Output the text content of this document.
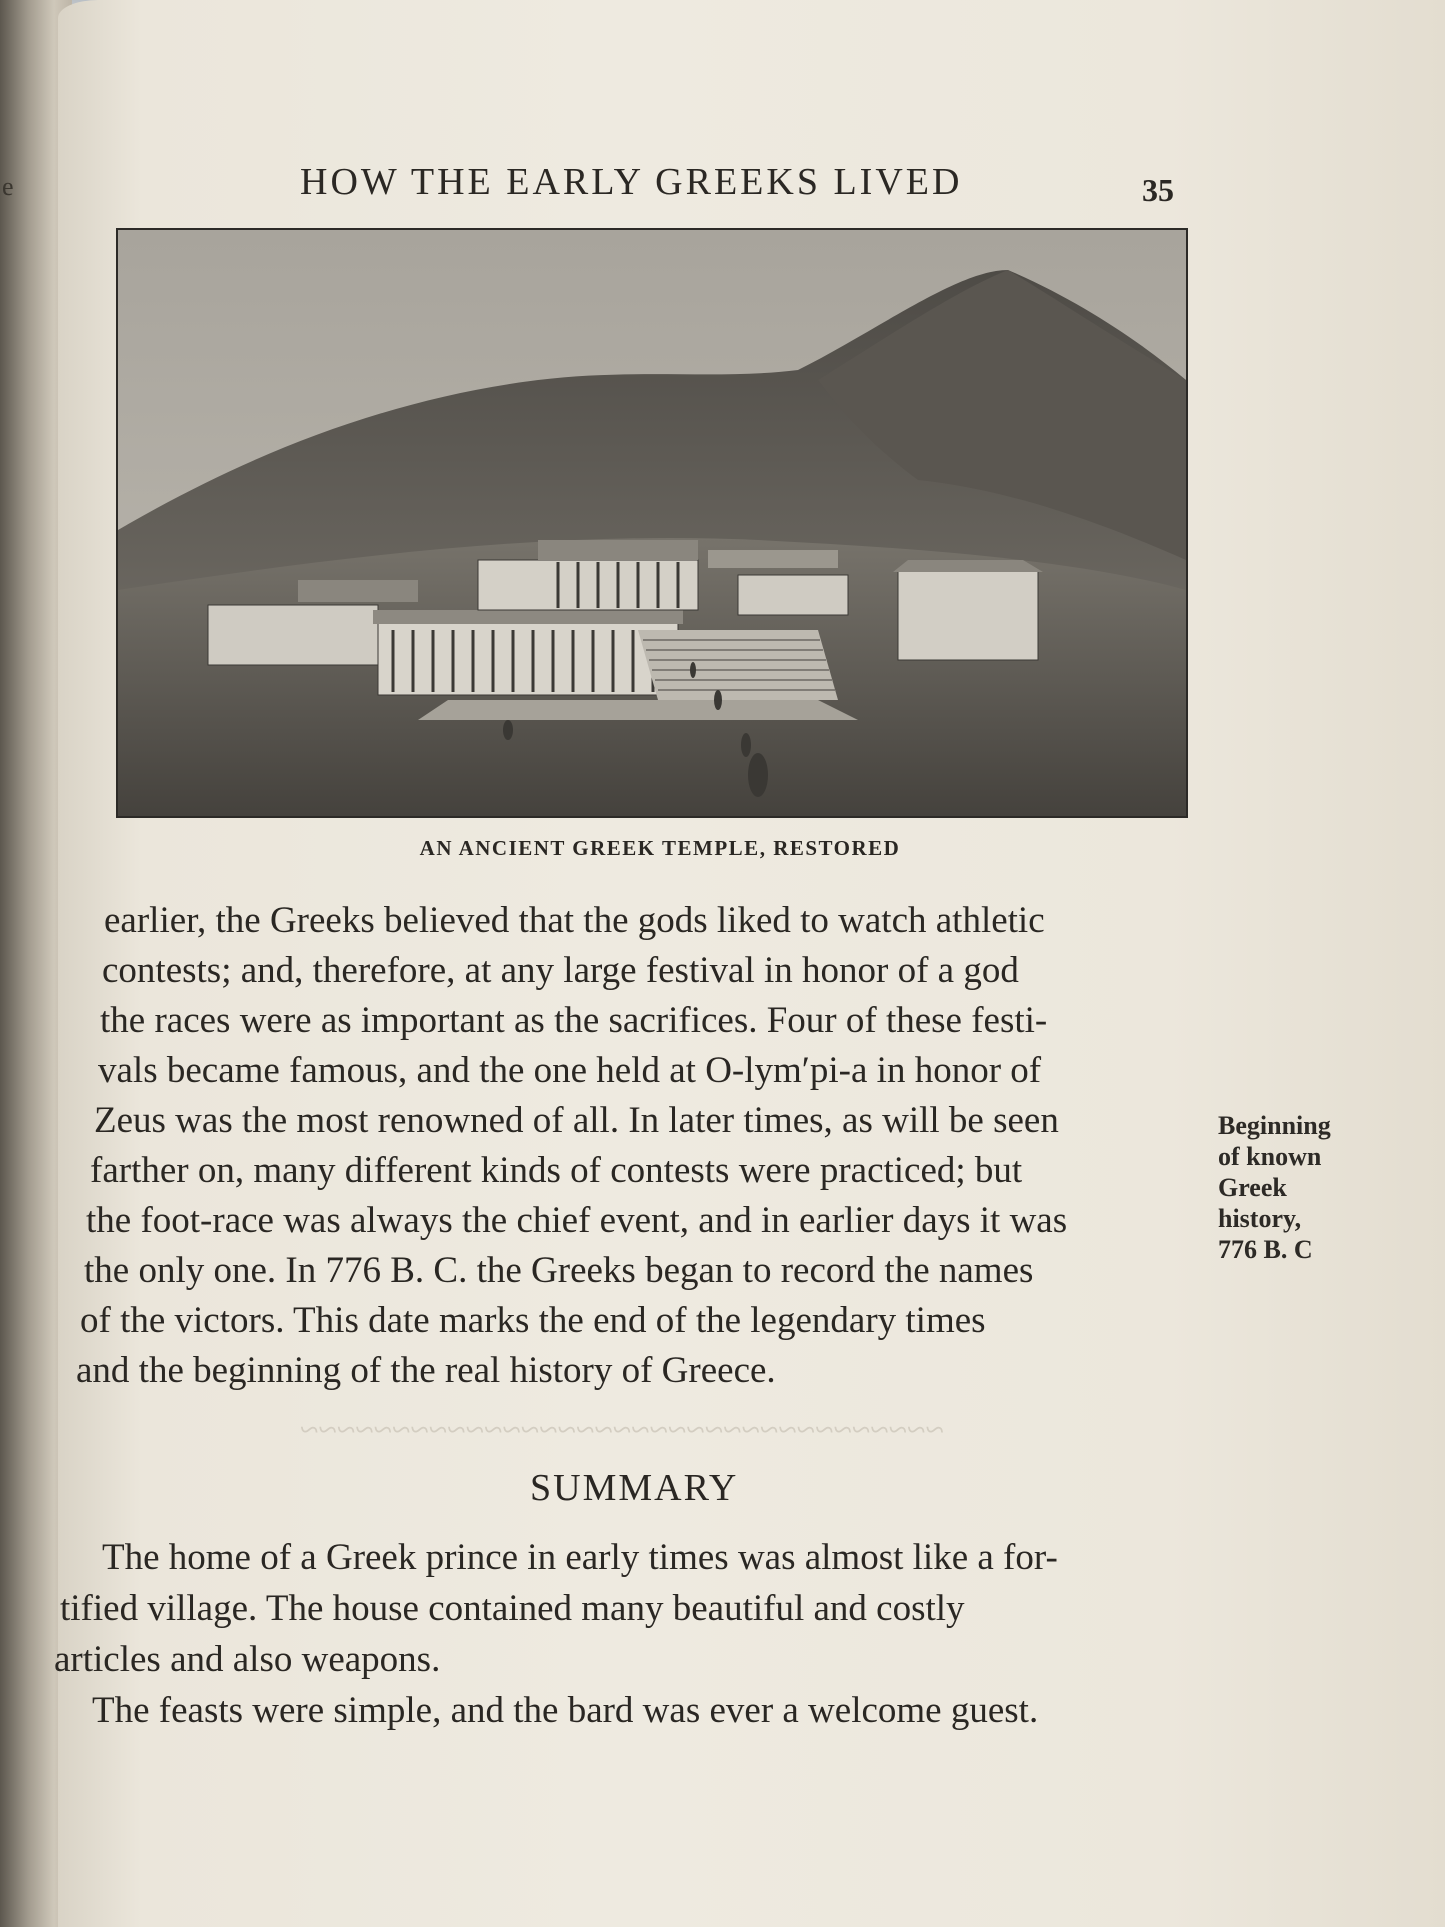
e
~~~~~~~~~~~~~~~~~~~~~~~~~~~~~~~~~~~
HOW THE EARLY GREEKS LIVED	35
AN ANCIENT GREEK TEMPLE, RESTORED
earlier, the Greeks believed that the gods liked to watch athletic
contests; and, therefore, at any large festival in honor of a god
the races were as important as the sacrifices. Four of these festi-
vals became famous, and the one held at O-lym′pi-a in honor of
Zeus was the most renowned of all. In later times, as will be seen
farther on, many different kinds of contests were practiced; but
the foot-race was always the chief event, and in earlier days it was
the only one. In 776 B. C. the Greeks began to record the names
of the victors. This date marks the end of the legendary times
and the beginning of the real history of Greece.
Beginning
of known
Greek
history,
776 B. C
SUMMARY
The home of a Greek prince in early times was almost like a for-
tified village. The house contained many beautiful and costly
articles and also weapons.
The feasts were simple, and the bard was ever a welcome guest.
